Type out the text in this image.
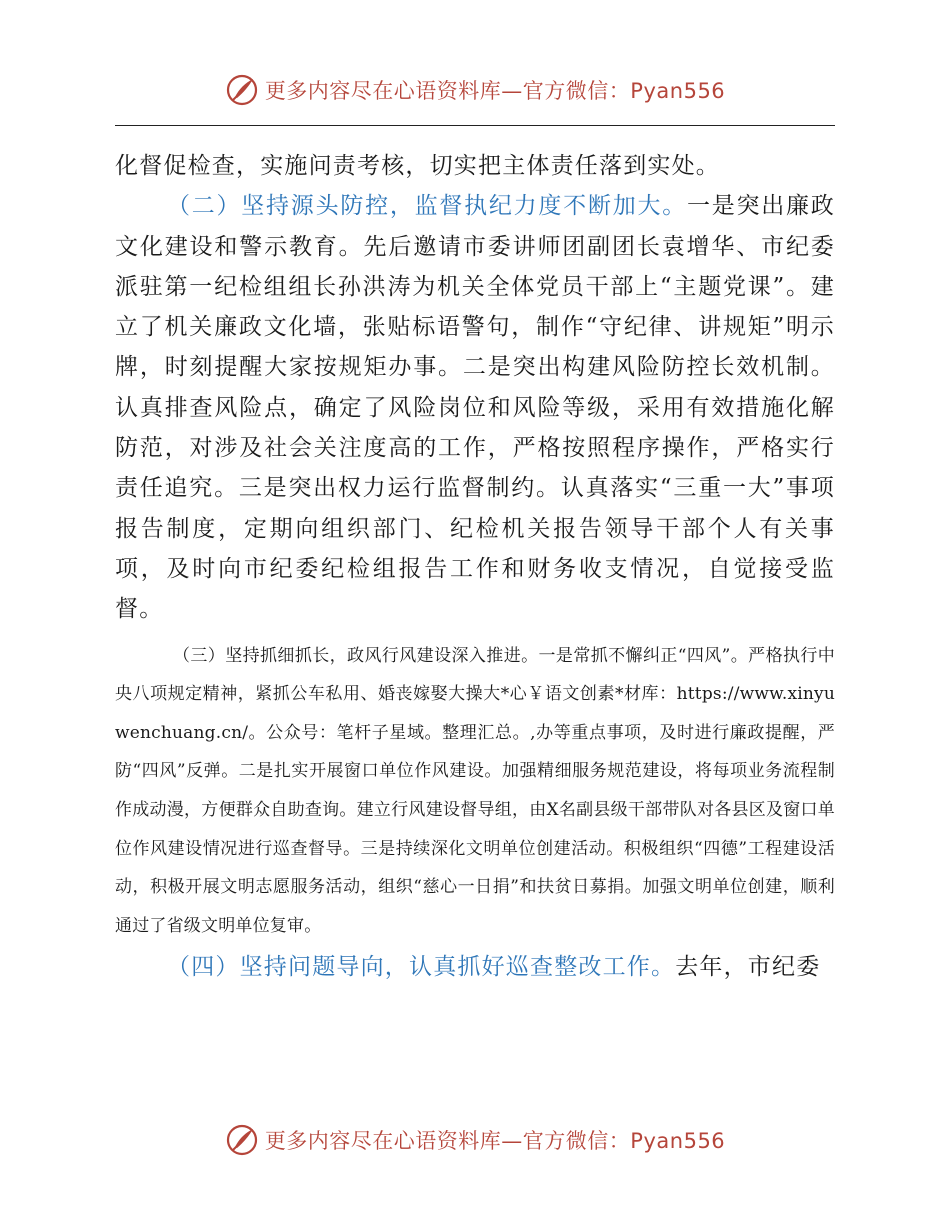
更多内容尽在心语资料库—官方微信：Pyan556

化督促检查，实施问责考核，切实把主体责任落到实处。

（二）坚持源头防控，监督执纪力度不断加大。一是突出廉政文化建设和警示教育。先后邀请市委讲师团副团长袁增华、市纪委派驻第一纪检组组长孙洪涛为机关全体党员干部上“主题党课”。建立了机关廉政文化墙，张贴标语警句，制作“守纪律、讲规矩”明示牌，时刻提醒大家按规矩办事。二是突出构建风险防控长效机制。认真排查风险点，确定了风险岗位和风险等级，采用有效措施化解防范，对涉及社会关注度高的工作，严格按照程序操作，严格实行责任追究。三是突出权力运行监督制约。认真落实“三重一大”事项报告制度，定期向组织部门、纪检机关报告领导干部个人有关事项，及时向市纪委纪检组报告工作和财务收支情况，自觉接受监督。

（三）坚持抓细抓长，政风行风建设深入推进。一是常抓不懈纠正“四风”。严格执行中央八项规定精神，紧抓公车私用、婚丧嫁娶大操大*心￥语文创素*材库：https://www.xinyuwenchuang.cn/。公众号：笔杆子星域。整理汇总。,办等重点事项，及时进行廉政提醒，严防“四风”反弹。二是扎实开展窗口单位作风建设。加强精细服务规范建设，将每项业务流程制作成动漫，方便群众自助查询。建立行风建设督导组，由X名副县级干部带队对各县区及窗口单位作风建设情况进行巡查督导。三是持续深化文明单位创建活动。积极组织“四德”工程建设活动，积极开展文明志愿服务活动，组织“慈心一日捐”和扶贫日募捐。加强文明单位创建，顺利通过了省级文明单位复审。

（四）坚持问题导向，认真抓好巡查整改工作。去年，市纪委

更多内容尽在心语资料库—官方微信：Pyan556
